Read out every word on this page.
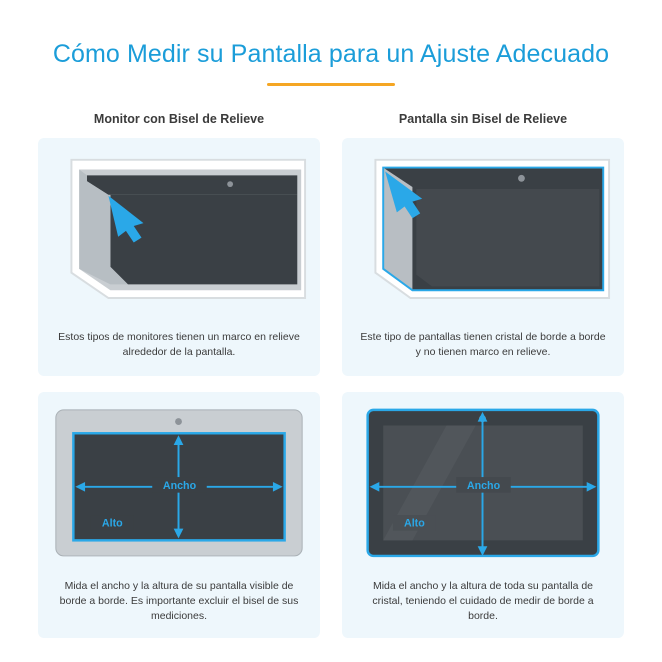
Cómo Medir su Pantalla para un Ajuste Adecuado
Monitor con Bisel de Relieve
Estos tipos de monitores tienen un marco en relieve alrededor de la pantalla.
Ancho
Alto
Mida el ancho y la altura de su pantalla visible de borde a borde. Es importante excluir el bisel de sus mediciones.
Pantalla sin Bisel de Relieve
Este tipo de pantallas tienen cristal de borde a borde y no tienen marco en relieve.
Ancho
Alto
Mida el ancho y la altura de toda su pantalla de cristal, teniendo el cuidado de medir de borde a borde.
